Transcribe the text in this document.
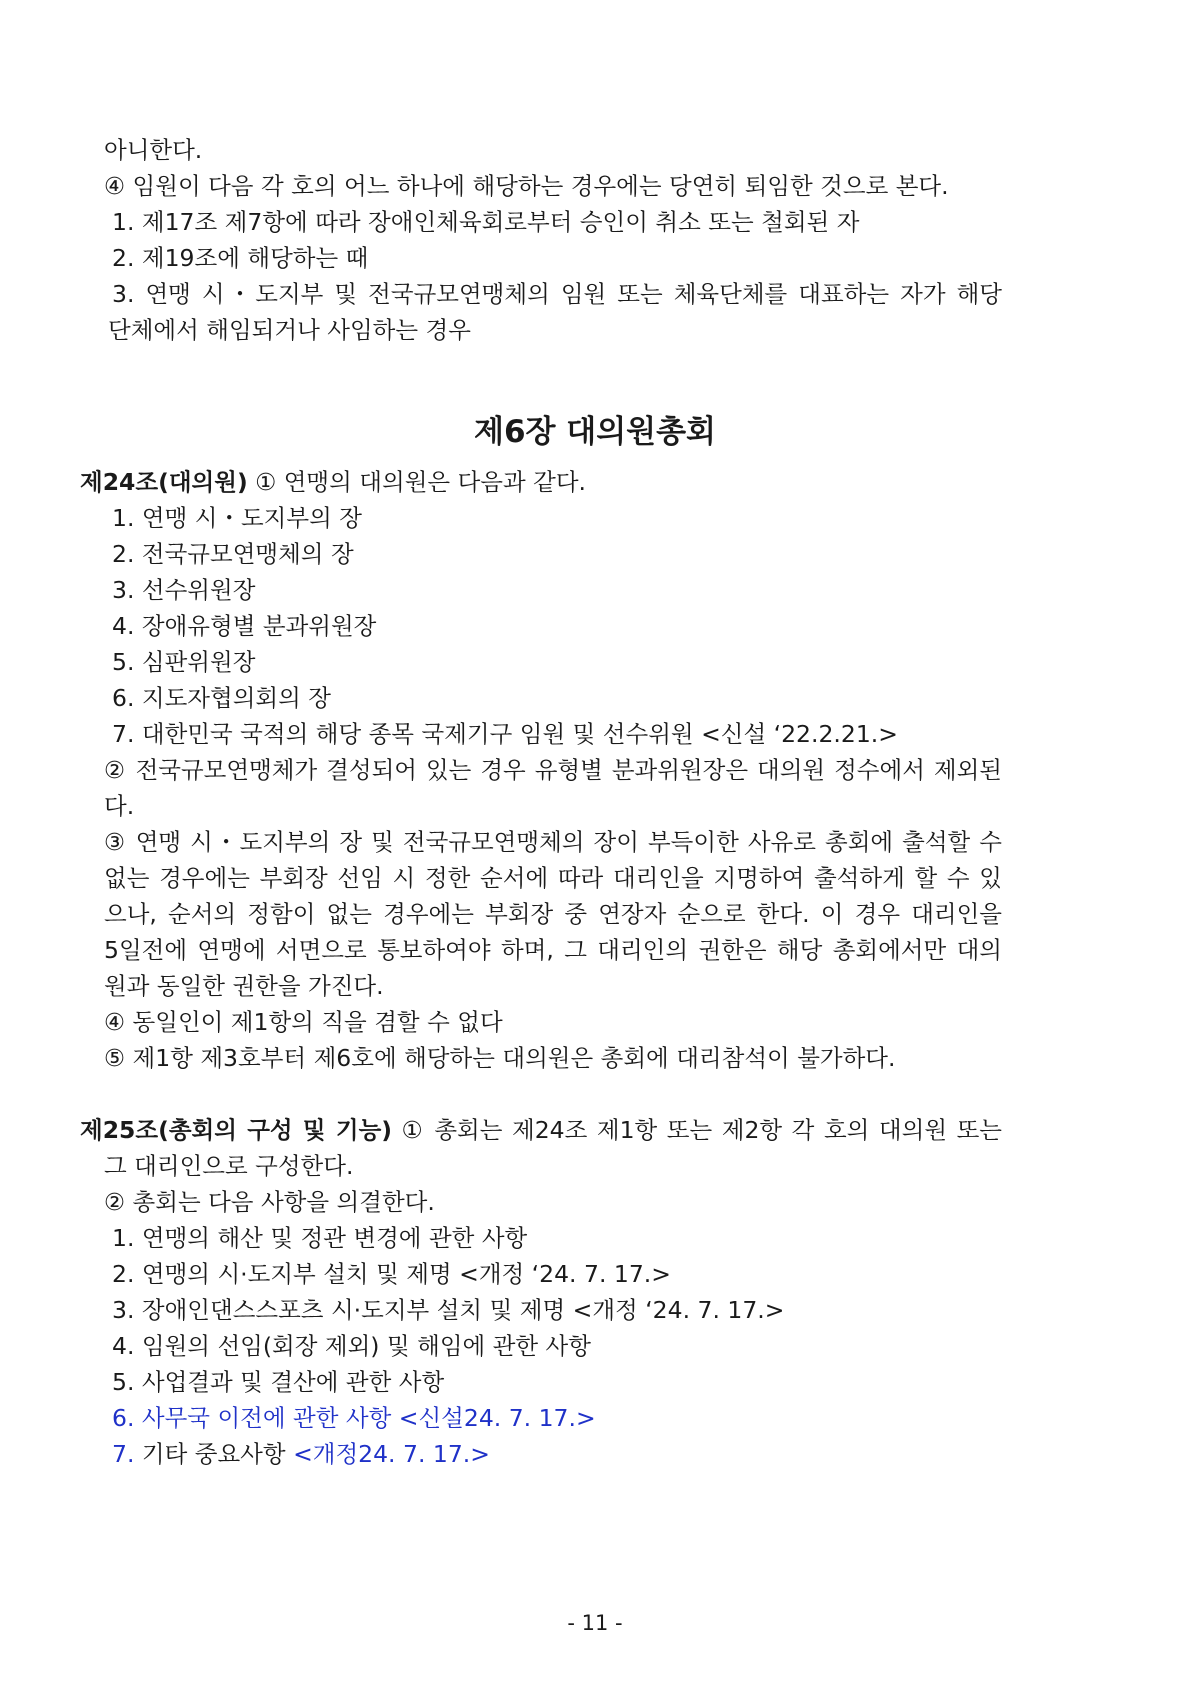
아니한다.

④ 임원이 다음 각 호의 어느 하나에 해당하는 경우에는 당연히 퇴임한 것으로 본다.

1. 제17조 제7항에 따라 장애인체육회로부터 승인이 취소 또는 철회된 자

2. 제19조에 해당하는 때

3. 연맹 시・도지부 및 전국규모연맹체의 임원 또는 체육단체를 대표하는 자가 해당

단체에서 해임되거나 사임하는 경우

제6장 대의원총회

제24조(대의원) ① 연맹의 대의원은 다음과 같다.

1. 연맹 시・도지부의 장

2. 전국규모연맹체의 장

3. 선수위원장

4. 장애유형별 분과위원장

5. 심판위원장

6. 지도자협의회의 장

7. 대한민국 국적의 해당 종목 국제기구 임원 및 선수위원 <신설 ‘22.2.21.>

② 전국규모연맹체가 결성되어 있는 경우 유형별 분과위원장은 대의원 정수에서 제외된

다.

③ 연맹 시・도지부의 장 및 전국규모연맹체의 장이 부득이한 사유로 총회에 출석할 수

없는 경우에는 부회장 선임 시 정한 순서에 따라 대리인을 지명하여 출석하게 할 수 있

으나, 순서의 정함이 없는 경우에는 부회장 중 연장자 순으로 한다. 이 경우 대리인을

5일전에 연맹에 서면으로 통보하여야 하며, 그 대리인의 권한은 해당 총회에서만 대의

원과 동일한 권한을 가진다.

④ 동일인이 제1항의 직을 겸할 수 없다

⑤ 제1항 제3호부터 제6호에 해당하는 대의원은 총회에 대리참석이 불가하다.

제25조(총회의 구성 및 기능) ① 총회는 제24조 제1항 또는 제2항 각 호의 대의원 또는

그 대리인으로 구성한다.

② 총회는 다음 사항을 의결한다.

1. 연맹의 해산 및 정관 변경에 관한 사항

2. 연맹의 시·도지부 설치 및 제명 <개정 ‘24. 7. 17.>

3. 장애인댄스스포츠 시·도지부 설치 및 제명 <개정 ‘24. 7. 17.>

4. 임원의 선임(회장 제외) 및 해임에 관한 사항

5. 사업결과 및 결산에 관한 사항

6. 사무국 이전에 관한 사항 <신설24. 7. 17.>

7. 기타 중요사항 <개정24. 7. 17.>

- 11 -
